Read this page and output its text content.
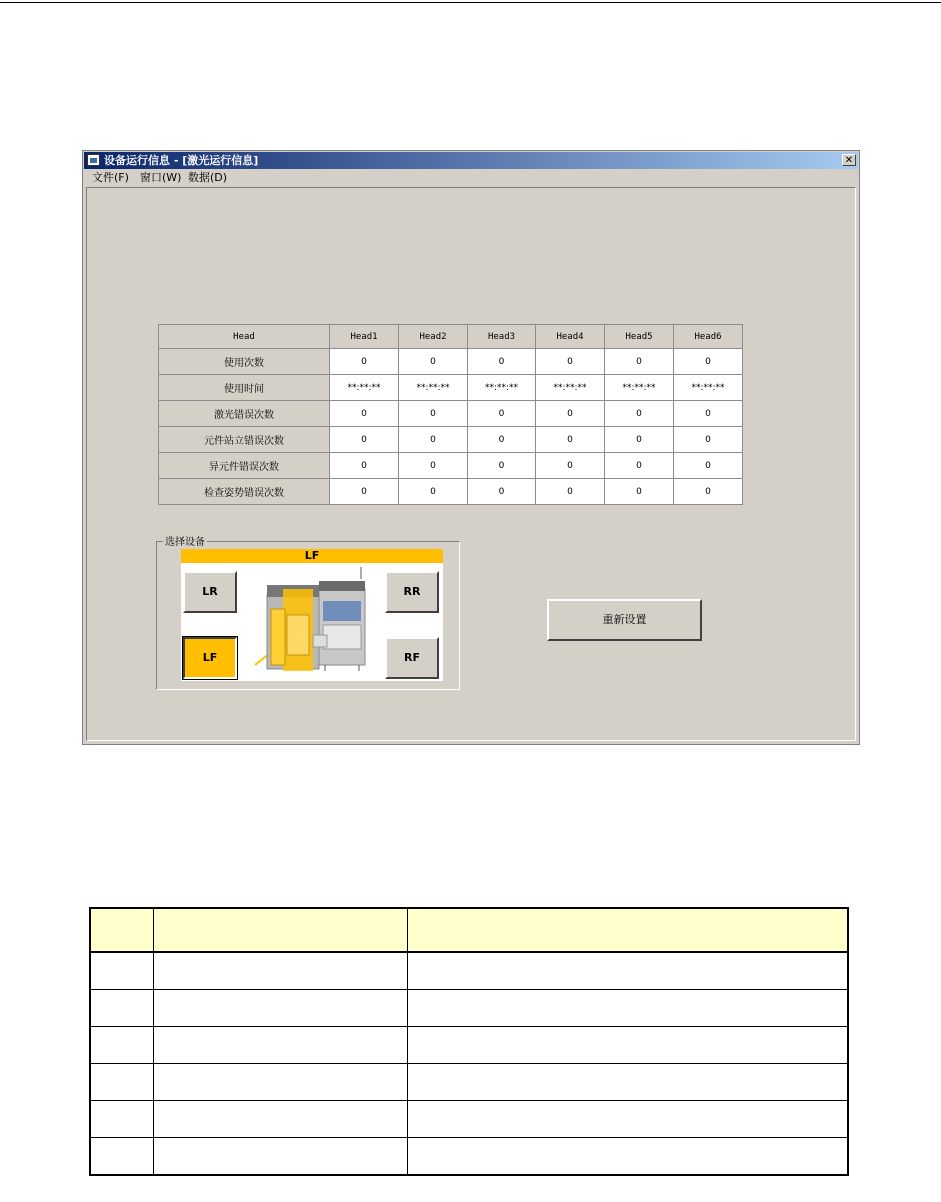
设备运行信息 - [激光运行信息]	✕
文件(F) 窗口(W) 数据(D)
Head	Head1	Head2	Head3	Head4	Head5	Head6
使用次数	0	0	0	0	0	0
使用时间	**:**:**	**:**:**	**:**:**	**:**:**	**:**:**	**:**:**
激光错误次数	0	0	0	0	0	0
元件站立错误次数	0	0	0	0	0	0
异元件错误次数	0	0	0	0	0	0
检查姿势错误次数	0	0	0	0	0	0
选择设备
LF
LR	RR
LF	RF
重新设置
